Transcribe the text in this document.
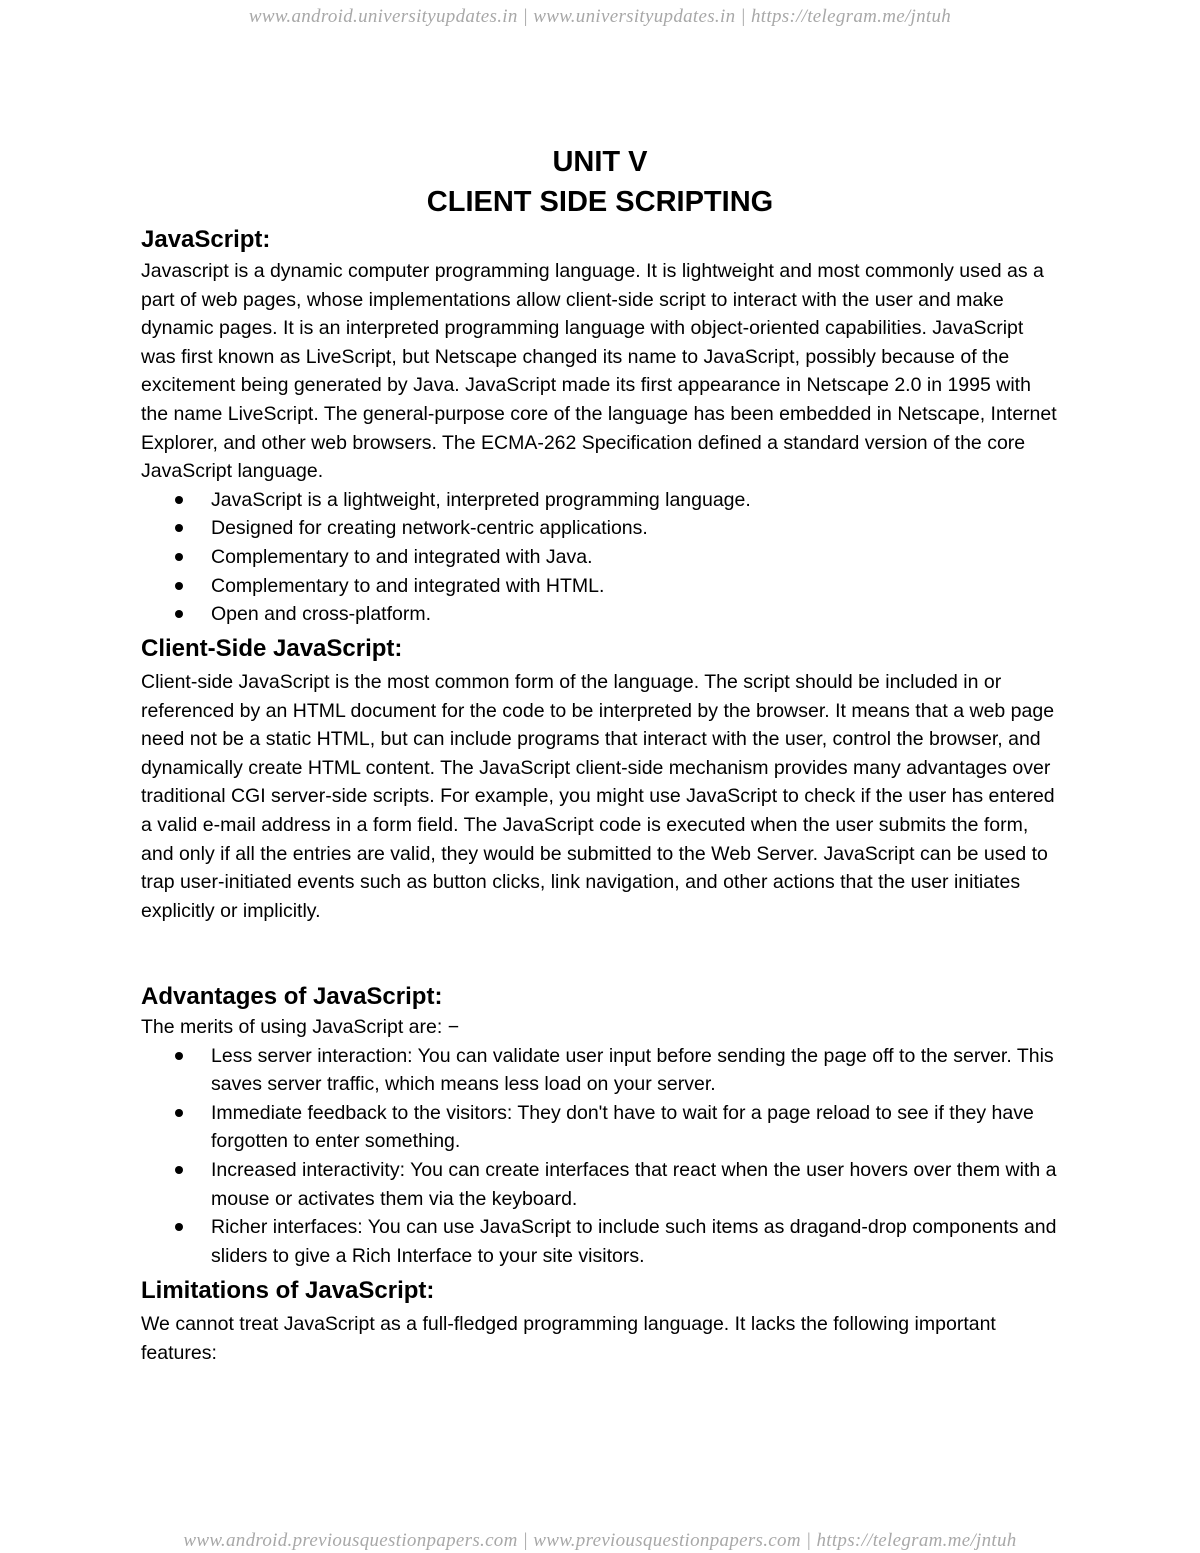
www.android.universityupdates.in | www.universityupdates.in | https://telegram.me/jntuh
UNIT V
CLIENT SIDE SCRIPTING
JavaScript:

Javascript is a dynamic computer programming language. It is lightweight and most commonly used as a part of web pages, whose implementations allow client-side script to interact with the user and make dynamic pages. It is an interpreted programming language with object-oriented capabilities. JavaScript was first known as LiveScript, but Netscape changed its name to JavaScript, possibly because of the excitement being generated by Java. JavaScript made its first appearance in Netscape 2.0 in 1995 with the name LiveScript. The general-purpose core of the language has been embedded in Netscape, Internet Explorer, and other web browsers. The ECMA-262 Specification defined a standard version of the core JavaScript language.

JavaScript is a lightweight, interpreted programming language.
Designed for creating network-centric applications.
Complementary to and integrated with Java.
Complementary to and integrated with HTML.
Open and cross-platform.
Client-Side JavaScript:

Client-side JavaScript is the most common form of the language. The script should be included in or referenced by an HTML document for the code to be interpreted by the browser. It means that a web page need not be a static HTML, but can include programs that interact with the user, control the browser, and dynamically create HTML content. The JavaScript client-side mechanism provides many advantages over traditional CGI server-side scripts. For example, you might use JavaScript to check if the user has entered a valid e-mail address in a form field. The JavaScript code is executed when the user submits the form, and only if all the entries are valid, they would be submitted to the Web Server. JavaScript can be used to trap user-initiated events such as button clicks, link navigation, and other actions that the user initiates explicitly or implicitly.

Advantages of JavaScript:

The merits of using JavaScript are: −

Less server interaction: You can validate user input before sending the page off to the server. This saves server traffic, which means less load on your server.
Immediate feedback to the visitors: They don't have to wait for a page reload to see if they have forgotten to enter something.
Increased interactivity: You can create interfaces that react when the user hovers over them with a mouse or activates them via the keyboard.
Richer interfaces: You can use JavaScript to include such items as dragand-drop components and sliders to give a Rich Interface to your site visitors.
Limitations of JavaScript:

We cannot treat JavaScript as a full-fledged programming language. It lacks the following important features:

www.android.previousquestionpapers.com | www.previousquestionpapers.com | https://telegram.me/jntuh
